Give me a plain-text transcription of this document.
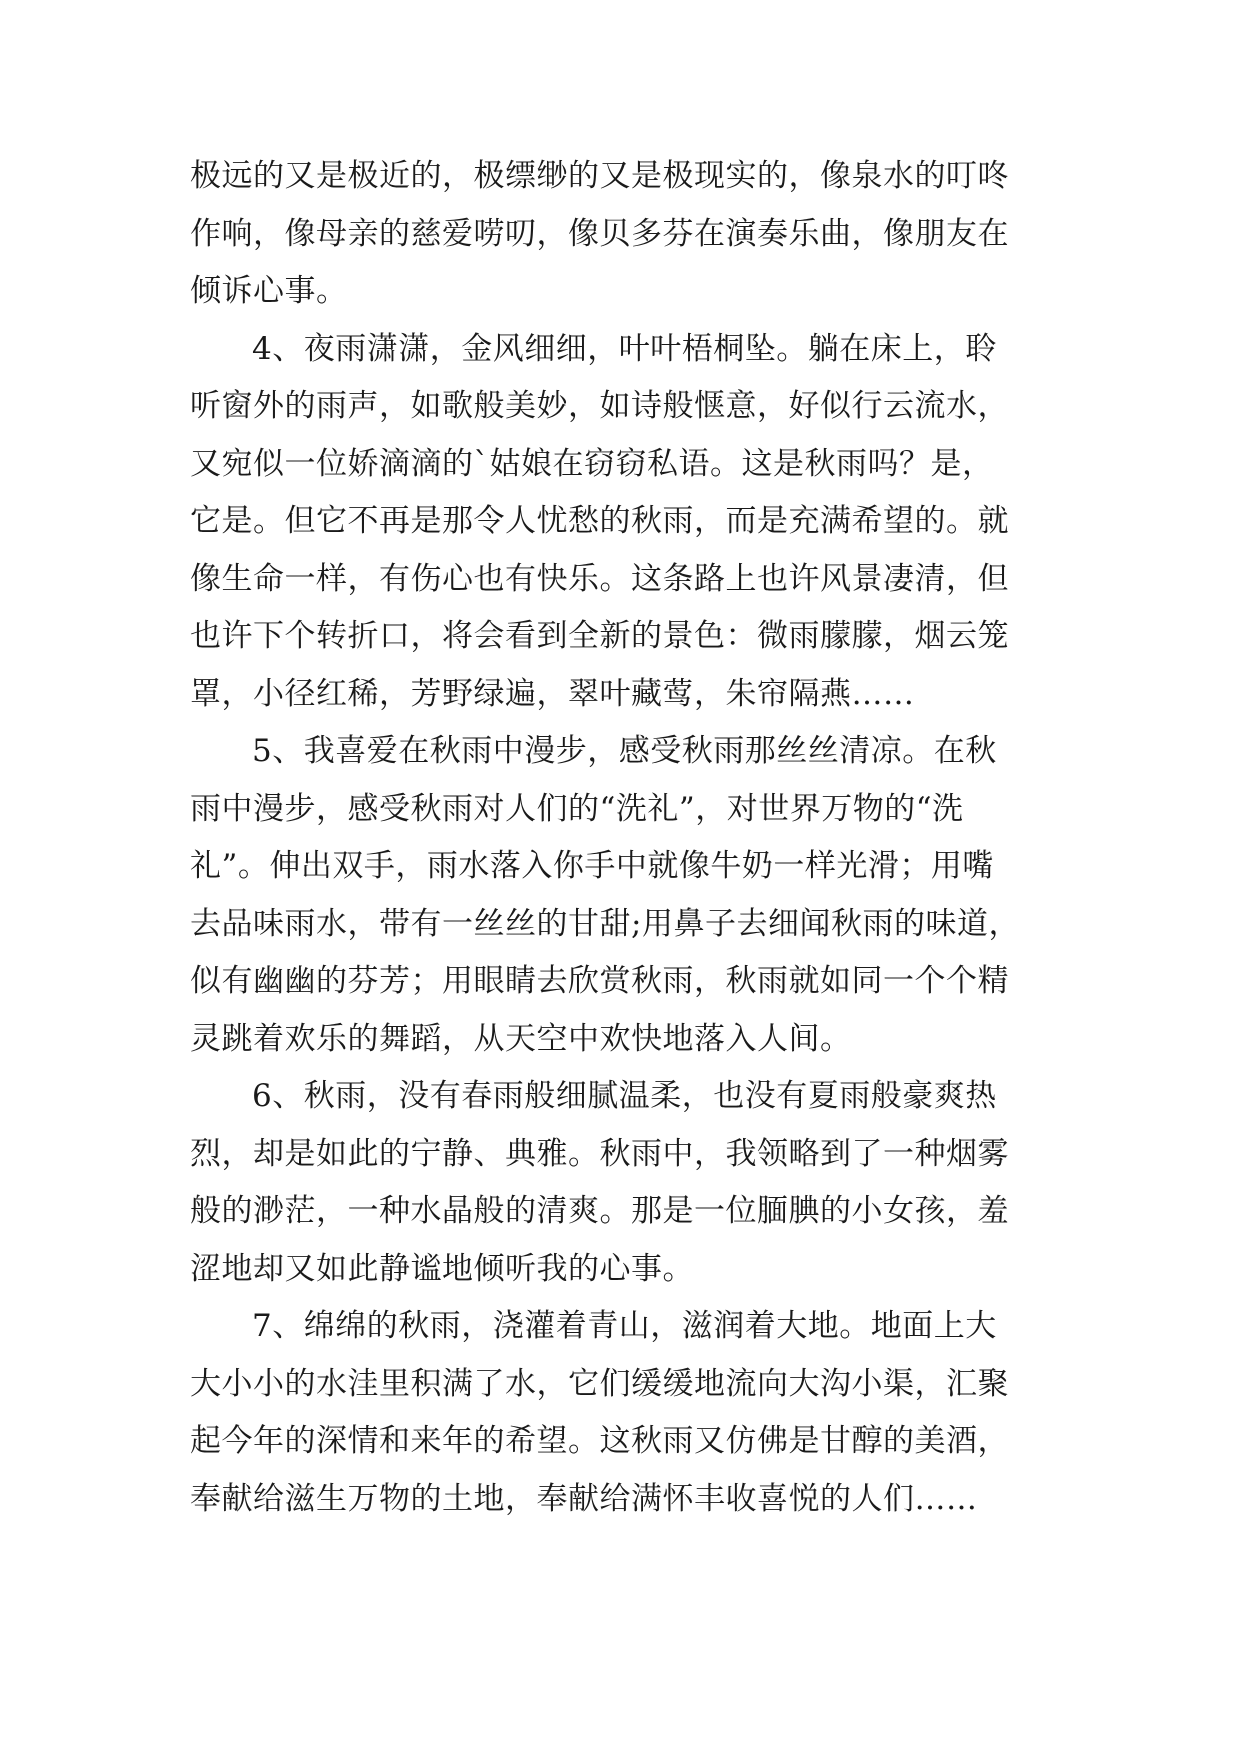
极远的又是极近的，极缥缈的又是极现实的，像泉水的叮咚
作响，像母亲的慈爱唠叨，像贝多芬在演奏乐曲，像朋友在
倾诉心事。
4、夜雨潇潇，金风细细，叶叶梧桐坠。躺在床上，聆
听窗外的雨声，如歌般美妙，如诗般惬意，好似行云流水，
又宛似一位娇滴滴的`姑娘在窃窃私语。这是秋雨吗？是，
它是。但它不再是那令人忧愁的秋雨，而是充满希望的。就
像生命一样，有伤心也有快乐。这条路上也许风景凄清，但
也许下个转折口，将会看到全新的景色：微雨朦朦，烟云笼
罩，小径红稀，芳野绿遍，翠叶藏莺，朱帘隔燕……
5、我喜爱在秋雨中漫步，感受秋雨那丝丝清凉。在秋
雨中漫步，感受秋雨对人们的“洗礼”，对世界万物的“洗
礼”。伸出双手，雨水落入你手中就像牛奶一样光滑；用嘴
去品味雨水，带有一丝丝的甘甜;用鼻子去细闻秋雨的味道，
似有幽幽的芬芳；用眼睛去欣赏秋雨，秋雨就如同一个个精
灵跳着欢乐的舞蹈，从天空中欢快地落入人间。
6、秋雨，没有春雨般细腻温柔，也没有夏雨般豪爽热
烈，却是如此的宁静、典雅。秋雨中，我领略到了一种烟雾
般的渺茫，一种水晶般的清爽。那是一位腼腆的小女孩，羞
涩地却又如此静谧地倾听我的心事。
7、绵绵的秋雨，浇灌着青山，滋润着大地。地面上大
大小小的水洼里积满了水，它们缓缓地流向大沟小渠，汇聚
起今年的深情和来年的希望。这秋雨又仿佛是甘醇的美酒，
奉献给滋生万物的土地，奉献给满怀丰收喜悦的人们……
